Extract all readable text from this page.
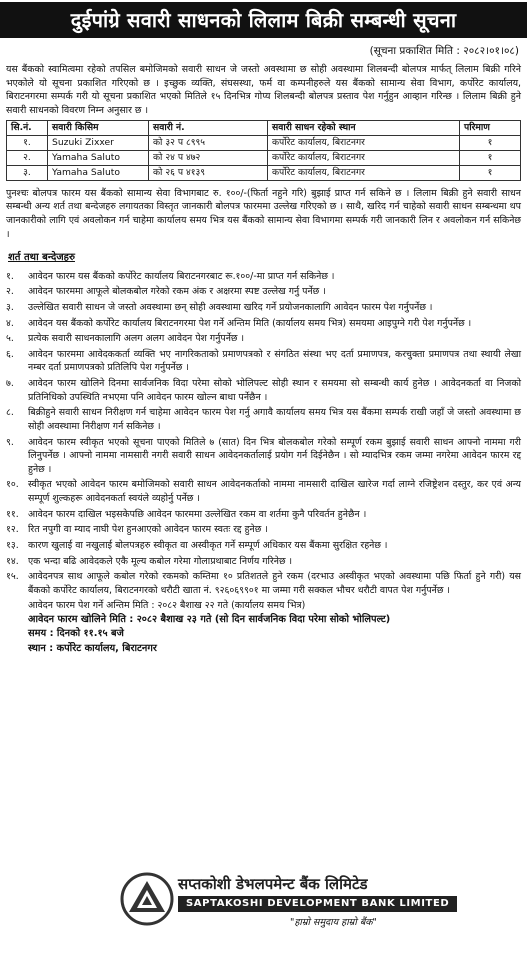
दुईपांग्रे सवारी साधनको लिलाम बिक्री सम्बन्धी सूचना
(सूचना प्रकाशित मिति : २०८२।०१।०८)

यस बैंकको स्वामित्वमा रहेको तपसिल बमोजिमको सवारी साधन जे जस्तो अवस्थामा छ सोही अवस्थामा शिलबन्दी बोलपत्र मार्फत् लिलाम बिक्री गरिने भएकोले यो सूचना प्रकाशित गरिएको छ । इच्छुक व्यक्ति, संघसस्था, फर्म वा कम्पनीहरुले यस बैंकको सामान्य सेवा विभाग, कर्पोरेट कार्यालय, बिराटनगरमा सम्पर्क गरी यो सूचना प्रकाशित भएको मितिले १५ दिनभित्र गोप्य शिलबन्दी बोलपत्र प्रस्ताव पेश गर्नुहुन आव्हान गरिन्छ । लिलाम बिक्री हुने सवारी साधनको विवरण निम्न अनुसार छ ।

सि.नं.	सवारी किसिम	सवारी नं.	सवारी साधन रहेको स्थान	परिमाण
१.	Suzuki Zixxer	को ३२ प ८९९५	कर्पोरेट कार्यालय, बिराटनगर	१
२.	Yamaha Saluto	को २४ प ४७२	कर्पोरेट कार्यालय, बिराटनगर	१
३.	Yamaha Saluto	को २६ प ४१३९	कर्पोरेट कार्यालय, बिराटनगर	१

पुनश्चः बोलपत्र फारम यस बैंकको सामान्य सेवा विभागबाट रु. १००/-(फिर्ता नहुने गरि) बुझाई प्राप्त गर्न सकिने छ । लिलाम बिक्री हुने सवारी साधन सम्बन्धी अन्य शर्त तथा बन्देजहरु लगायतका विस्तृत जानकारी बोलपत्र फारममा उल्लेख गरिएको छ । साथै, खरिद गर्न चाहेको सवारी साधन सम्बन्धमा थप जानकारीको लागि एवं अवलोकन गर्न चाहेमा कार्यालय समय भित्र यस बैंकको सामान्य सेवा विभागमा सम्पर्क गरी जानकारी लिन र अवलोकन गर्न सकिनेछ ।

शर्त तथा बन्देजहरु
१.	आवेदन फारम यस बैंकको कर्पोरेट कार्यालय बिराटनगरबाट रू.१००/-मा प्राप्त गर्न सकिनेछ ।
२.	आवेदन फारममा आफूले बोलकबोल गरेको रकम अंक र अक्षरमा स्पष्ट उल्लेख गर्नु पर्नेछ ।
३.	उल्लेखित सवारी साधन जे जस्तो अवस्थामा छन् सोही अवस्थामा खरिद गर्ने प्रयोजनकालागि आवेदन फारम पेश गर्नुपर्नेछ ।
४.	आवेदन यस बैंकको कर्पोरेट कार्यालय बिराटनगरमा पेश गर्ने अन्तिम मिति (कार्यालय समय भित्र) समयमा आइपुग्ने गरी पेश गर्नुपर्नेछ ।
५.	प्रत्येक सवारी साधनकालागि अलग अलग आवेदन पेश गर्नुपर्नेछ ।
६.	आवेदन फारममा आवेदककर्ता व्यक्ति भए नागरिकताको प्रमाणपत्रको र संगठित संस्था भए दर्ता प्रमाणपत्र, करचुक्ता प्रमाणपत्र तथा स्थायी लेखा नम्बर दर्ता प्रमाणपत्रको प्रतिलिपि पेश गर्नुपर्नेछ ।
७.	आवेदन फारम खोलिने दिनमा सार्वजनिक विदा परेमा सोको भोलिपल्ट सोही स्थान र समयमा सो सम्बन्धी कार्य हुनेछ । आवेदनकर्ता वा निजको प्रतिनिधिको उपस्थिति नभएमा पनि आवेदन फारम खोल्न बाधा पर्नेछैन ।
८.	बिक्रीहुने सवारी साधन निरीक्षण गर्न चाहेमा आवेदन फारम पेश गर्नु अगावै कार्यालय समय भित्र यस बैंकमा सम्पर्क राखी जहाँ जे जस्तो अवस्थामा छ सोही अवस्थामा निरीक्षण गर्न सकिनेछ ।
९.	आवेदन फारम स्वीकृत भएको सूचना पाएको मितिले ७ (सात) दिन भित्र बोलकबोल गरेको सम्पूर्ण रकम बुझाई सवारी साधन आफ्नो नाममा गरी लिनुपर्नेछ । आफ्नो नाममा नामसारी नगरी सवारी साधन आवेदनकर्तालाई प्रयोग गर्न दिईनेछैन । सो म्यादभित्र रकम जम्मा नगरेमा आवेदन फारम रद्द हुनेछ ।
१०. स्वीकृत भएको आवेदन फारम बमोजिमको सवारी साधन आवेदनकर्ताको नाममा नामसारी दाखिल खारेज गर्दा लाग्ने रजिष्ट्रेशन दस्तुर, कर एवं अन्य सम्पूर्ण शुल्कहरू आवेदनकर्ता स्वयंले व्यहोर्नु पर्नेछ ।
११. आवेदन फारम दाखिल भइसकेपछि आवेदन फारममा उल्लेखित रकम वा शर्तमा कुनै परिवर्तन हुनेछैन ।
१२. रित नपुगी वा म्याद नाघी पेश हुनआएको आवेदन फारम स्वतः रद्द हुनेछ ।
१३. कारण खुलाई वा नखुलाई बोलपत्रहरु स्वीकृत वा अस्वीकृत गर्ने सम्पूर्ण अधिकार यस बैंकमा सुरक्षित रहनेछ ।
१४. एक भन्दा बढि आवेदकले एकै मूल्य कबोल गरेमा गोलाप्रथाबाट निर्णय गरिनेछ ।
१५. आवेदनपत्र साथ आफूले कबोल गरेको रकमको कम्तिमा १० प्रतिशतले हुने रकम (दरभाउ अस्वीकृत भएको अवस्थामा पछि फिर्ता हुने गरी) यस बैंकको कर्पोरेट कार्यालय, बिराटनगरको धरौटी खाता नं. ९२६०६९९०१ मा जम्मा गरी सक्कल भौचर धरौटी वापत पेश गर्नुपर्नेछ ।
आवेदन फारम पेश गर्ने अन्तिम मिति : २०८२ बैशाख २२ गते (कार्यालय समय भित्र)
आवेदन फारम खोलिने मिति : २०८२ बैशाख २३ गते (सो दिन सार्वजनिक विदा परेमा सोको भोलिपल्ट)
समय : दिनको ११.१५ बजे
स्थान : कर्पोरेट कार्यालय, बिराटनगर
सप्तकोशी डेभलपमेन्ट बैंक लिमिटेड
SAPTAKOSHI DEVELOPMENT BANK LIMITED
"हाम्रो समुदाय हाम्रो बैंक"
